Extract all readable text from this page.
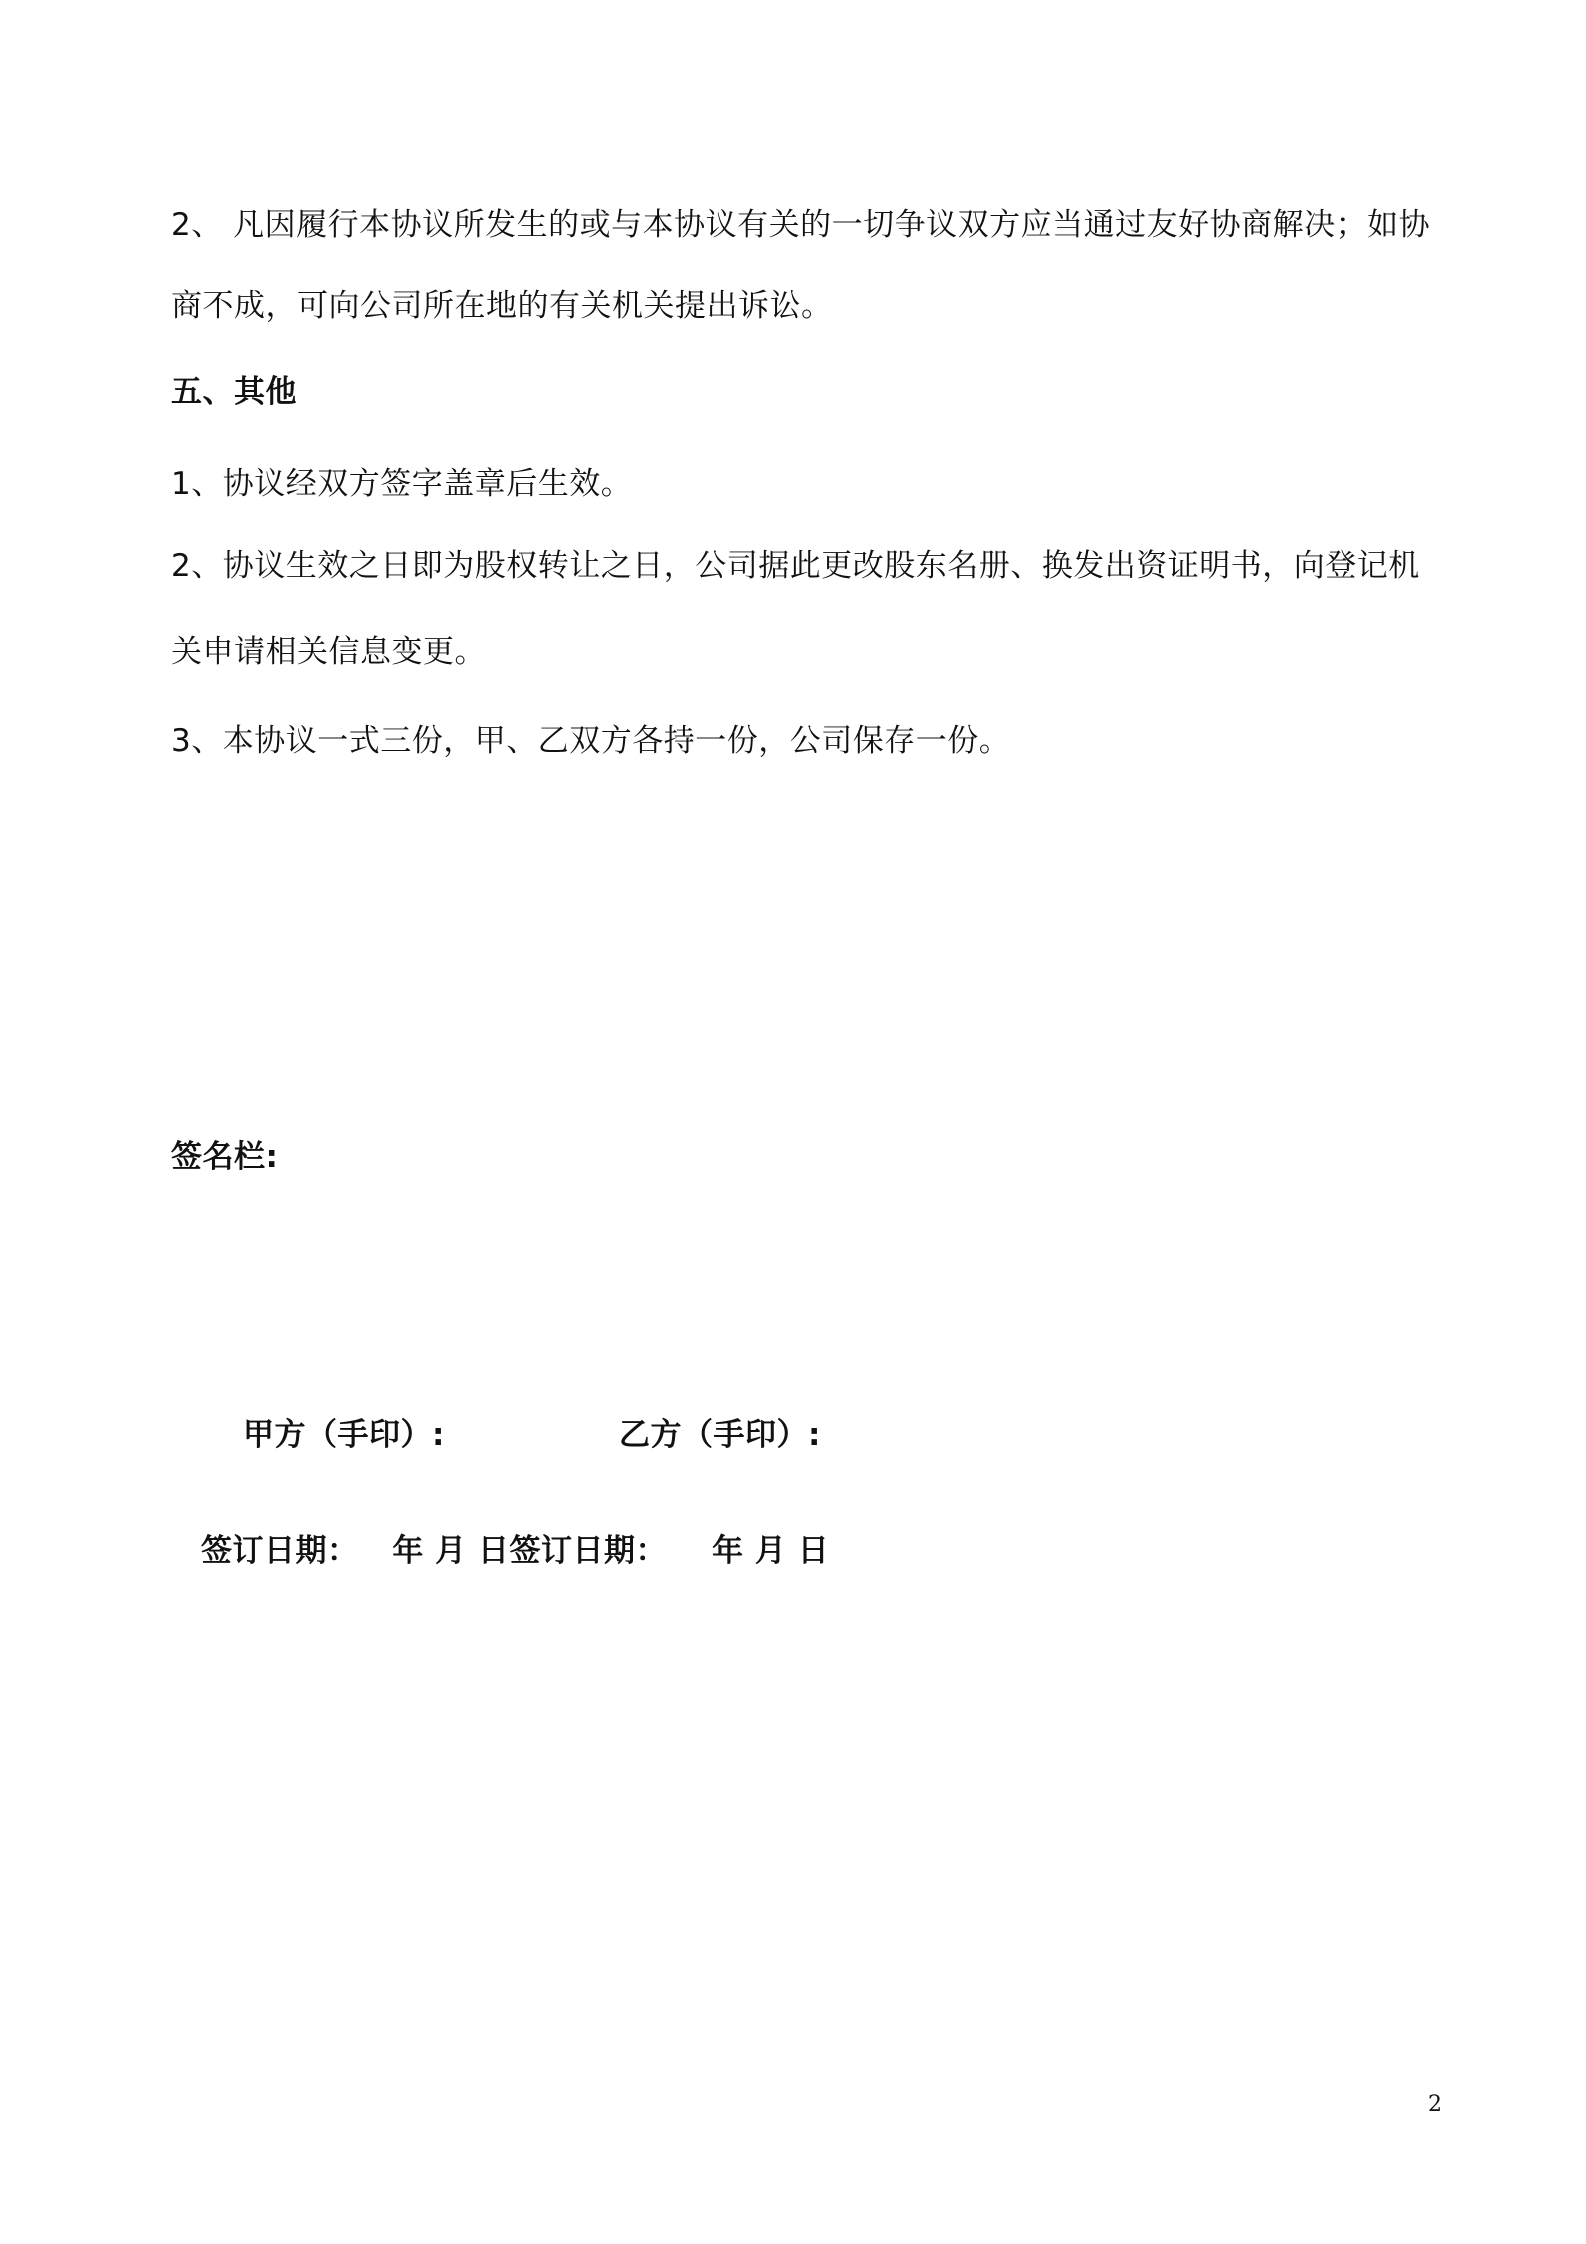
2、 凡因履行本协议所发生的或与本协议有关的一切争议双方应当通过友好协商解决；如协
商不成，可向公司所在地的有关机关提出诉讼。
五、其他
1、协议经双方签字盖章后生效。
2、协议生效之日即为股权转让之日，公司据此更改股东名册、换发出资证明书，向登记机
关申请相关信息变更。
3、本协议一式三份，甲、乙双方各持一份，公司保存一份。
签名栏:
甲方（手印）:	乙方（手印）:
签订日期：   年 月 日签订日期：    年 月 日
2
